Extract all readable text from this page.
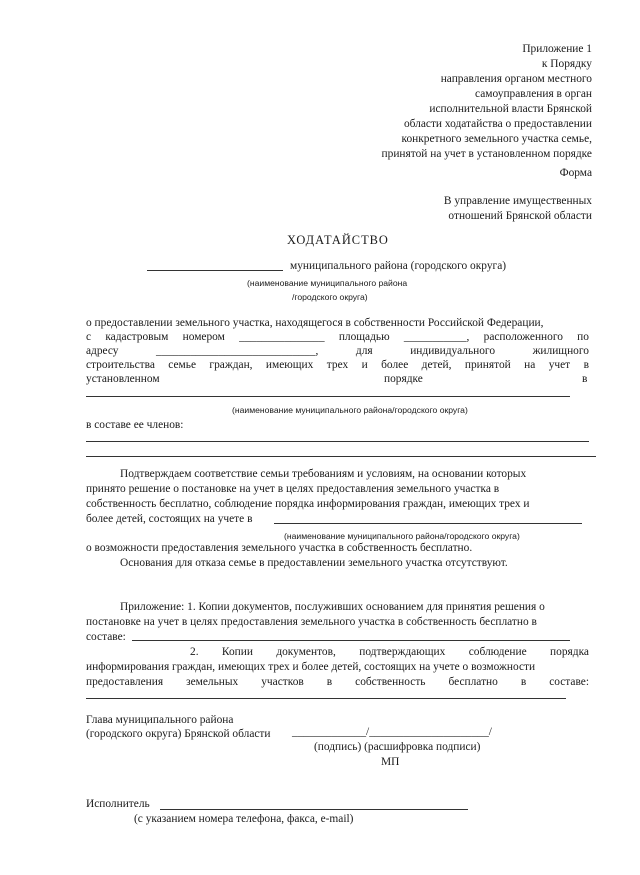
Приложение 1
к Порядку
направления органом местного
самоуправления в орган
исполнительной власти Брянской
области ходатайства о предоставлении
конкретного земельного участка семье,
принятой на учет в установленном порядке
Форма
В управление имущественных
отношений Брянской области
ХОДАТАЙСТВО
муниципального района (городского округа)
(наименование муниципального района
/городского округа)
о предоставлении земельного участка, находящегося в собственности Российской Федерации,
с кадастровым номером _______________ площадью ___________, расположенного по
адресу	____________________________,	для	индивидуального	жилищного
строительства семье граждан, имеющих трех и более детей, принятой на учет в
установленном	порядке	в
(наименование муниципального района/городского округа)
в составе ее членов:
Подтверждаем соответствие семьи требованиям и условиям, на основании которых
принято решение о постановке на учет в целях предоставления земельного участка в
собственность бесплатно, соблюдение порядка информирования граждан, имеющих трех и
более детей, состоящих на учете в
(наименование муниципального района/городского округа)
о возможности предоставления земельного участка в собственность бесплатно.
Основания для отказа семье в предоставлении земельного участка отсутствуют.
Приложение: 1. Копии документов, послуживших основанием для принятия решения о
постановке на учет в целях предоставления земельного участка в собственность бесплатно в
составе:
2. Копии документов, подтверждающих соблюдение порядка
информирования граждан, имеющих трех и более детей, состоящих на учете о возможности
предоставления земельных участков в собственность бесплатно в составе:
Глава муниципального района
(городского округа) Брянской области _____________/_____________________/
(подпись) (расшифровка подписи)
МП
Исполнитель
(с указанием номера телефона, факса, e-mail)
